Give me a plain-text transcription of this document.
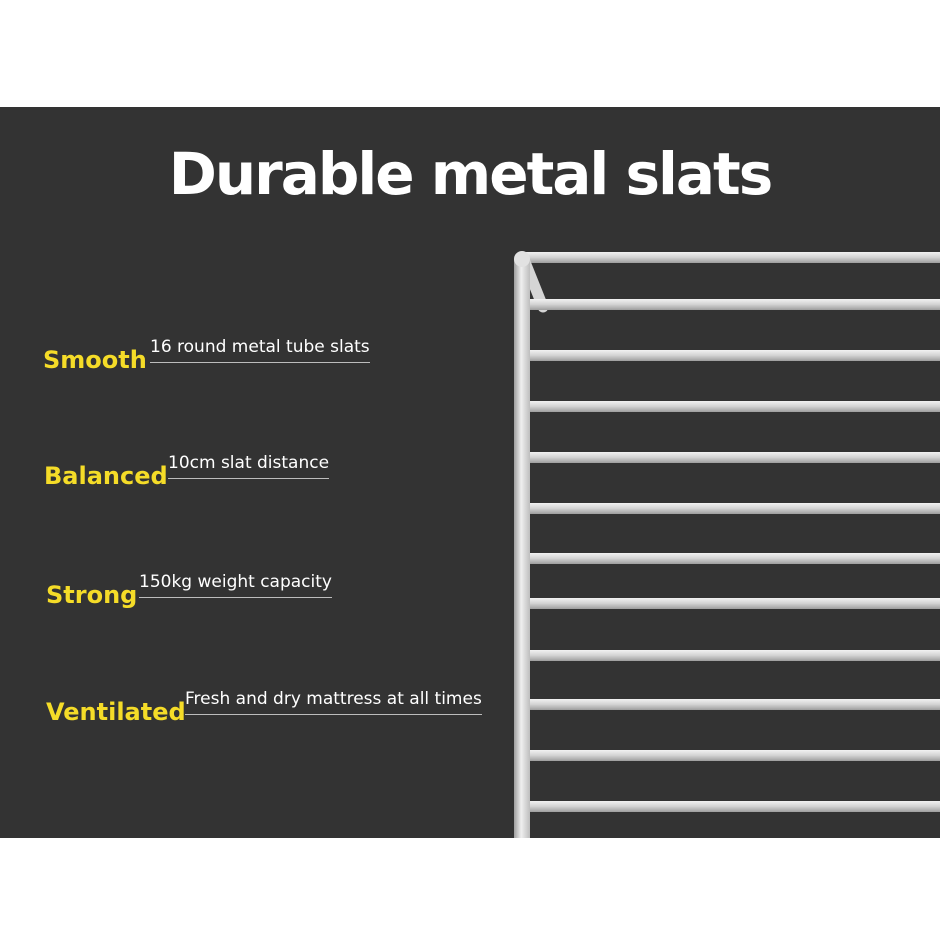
Durable metal slats
Smooth 16 round metal tube slats
Balanced 10cm slat distance
Strong 150kg weight capacity
Ventilated Fresh and dry mattress at all times
